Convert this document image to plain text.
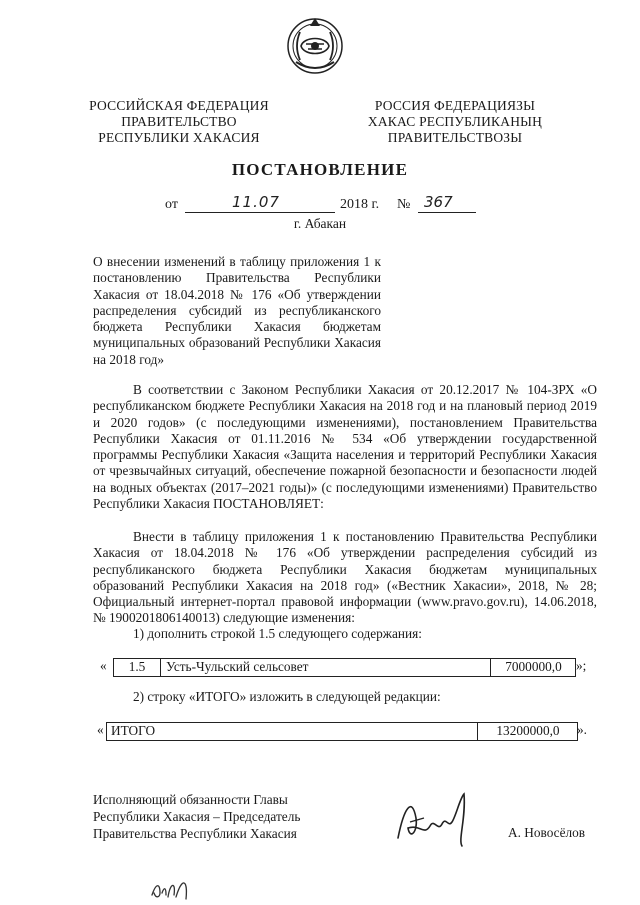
РОССИЙСКАЯ ФЕДЕРАЦИЯ
ПРАВИТЕЛЬСТВО
РЕСПУБЛИКИ ХАКАСИЯ
РОССИЯ ФЕДЕРАЦИЯЗЫ
ХАКАС РЕСПУБЛИКАНЫҢ
ПРАВИТЕЛЬСТВОЗЫ
ПОСТАНОВЛЕНИЕ
от	11.07	2018 г. № 367
г. Абакан
О внесении изменений в таблицу приложения 1 к постановлению Правительства Республики Хакасия от 18.04.2018 № 176 «Об утверждении распределения субсидий из республиканского бюджета Республики Хакасия бюджетам муниципальных образований Республики Хакасия на 2018 год»
В соответствии с Законом Республики Хакасия от 20.12.2017 № 104-ЗРХ «О республиканском бюджете Республики Хакасия на 2018 год и на плановый период 2019 и 2020 годов» (с последующими изменениями), постановлением Правительства Республики Хакасия от 01.11.2016 № 534 «Об утверждении государственной программы Республики Хакасия «Защита населения и территорий Республики Хакасия от чрезвычайных ситуаций, обеспечение пожарной безопасности и безопасности людей на водных объектах (2017–2021 годы)» (с последующими изменениями) Правительство Республики Хакасия ПОСТАНОВЛЯЕТ:
Внести в таблицу приложения 1 к постановлению Правительства Республики Хакасия от 18.04.2018 № 176 «Об утверждении распределения субсидий из республиканского бюджета Республики Хакасия бюджетам муниципальных образований Республики Хакасия на 2018 год» («Вестник Хакасии», 2018, № 28; Официальный интернет-портал правовой информации (www.pravo.gov.ru), 14.06.2018, № 1900201806140013) следующие изменения:
1) дополнить строкой 1.5 следующего содержания:
«	1.5	Усть-Чульский сельсовет	7000000,0	»;
2) строку «ИТОГО» изложить в следующей редакции:
« ИТОГО	13200000,0	».
Исполняющий обязанности Главы
Республики Хакасия – Председатель
Правительства Республики Хакасия	А. Новосёлов
